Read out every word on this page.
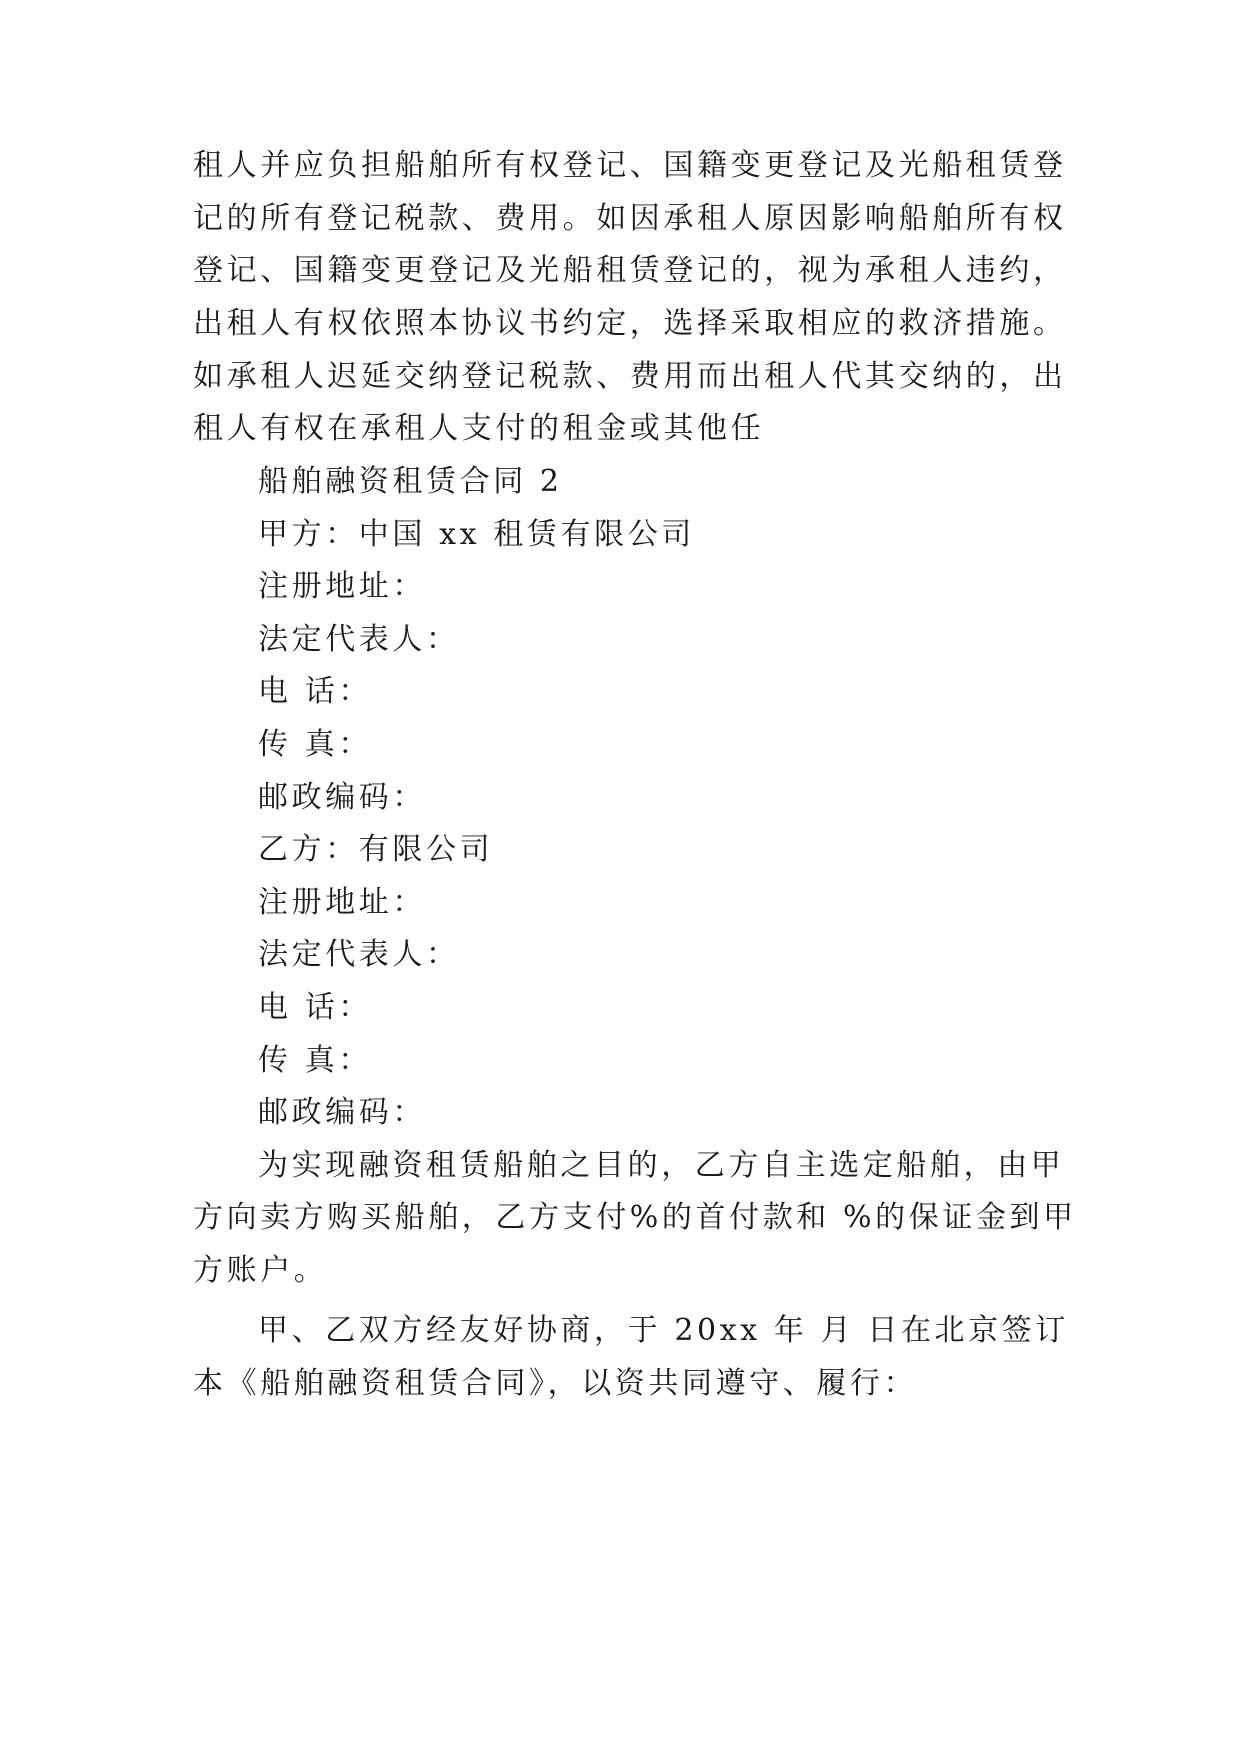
租人并应负担船舶所有权登记、国籍变更登记及光船租赁登
记的所有登记税款、费用。如因承租人原因影响船舶所有权
登记、国籍变更登记及光船租赁登记的，视为承租人违约，
出租人有权依照本协议书约定，选择采取相应的救济措施。
如承租人迟延交纳登记税款、费用而出租人代其交纳的，出
租人有权在承租人支付的租金或其他任
船舶融资租赁合同 2
甲方：中国 xx 租赁有限公司
注册地址：
法定代表人：
电 话：
传 真：
邮政编码：
乙方：有限公司
注册地址：
法定代表人：
电 话：
传 真：
邮政编码：
为实现融资租赁船舶之目的，乙方自主选定船舶，由甲
方向卖方购买船舶，乙方支付%的首付款和 %的保证金到甲
方账户。
甲、乙双方经友好协商，于 20xx 年 月 日在北京签订
本《船舶融资租赁合同》，以资共同遵守、履行：
